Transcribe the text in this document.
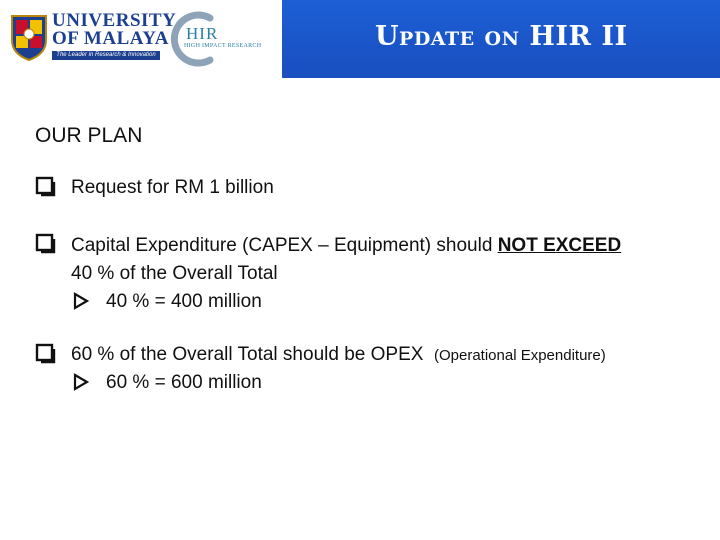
UNIVERSITY
OF MALAYA
The Leader in Research & Innovation
HIR
HIGH IMPACT RESEARCH	Update on HIR II
OUR PLAN
Request for RM 1 billion
Capital Expenditure (CAPEX – Equipment) should NOT EXCEED
40 % of the Overall Total
40 % = 400 million
60 % of the Overall Total should be OPEX (Operational Expenditure)
60 % = 600 million
